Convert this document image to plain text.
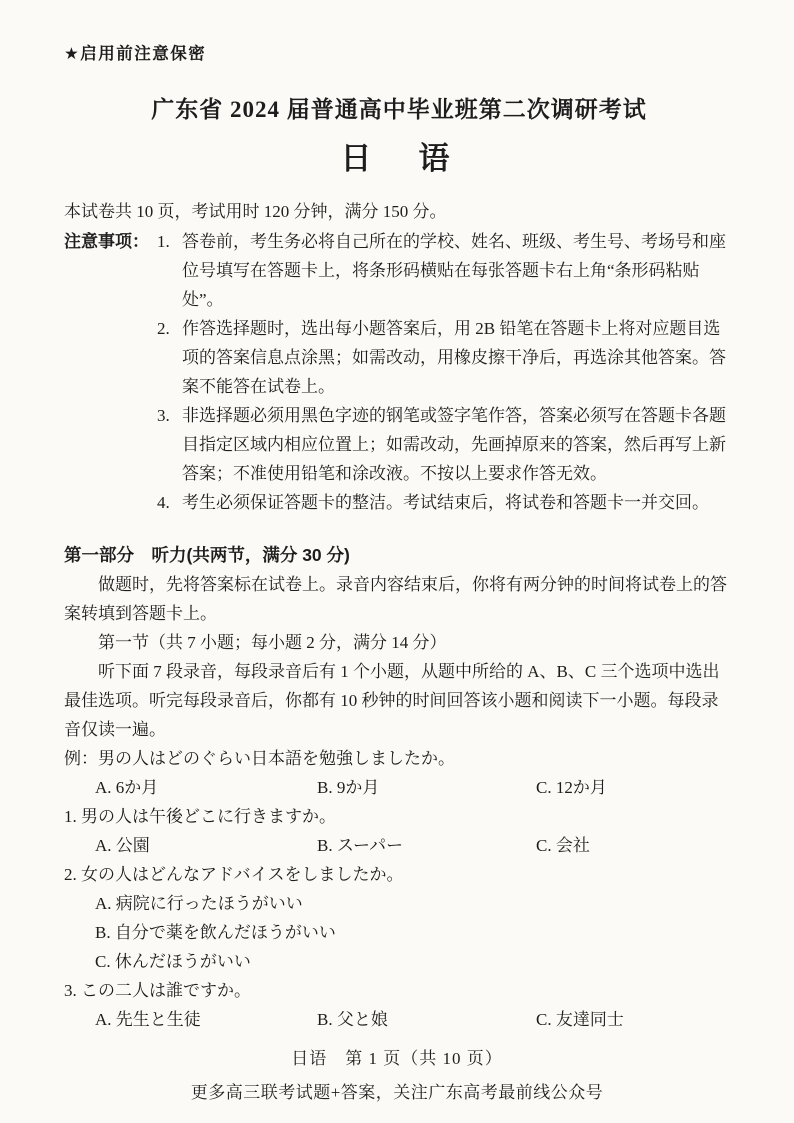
★启用前注意保密
广东省 2024 届普通高中毕业班第二次调研考试
日　语

本试卷共 10 页，考试用时 120 分钟，满分 150 分。

注意事项： 1. 答卷前，考生务必将自己所在的学校、姓名、班级、考生号、考场号和座位号填写在答题卡上，将条形码横贴在每张答题卡右上角“条形码粘贴处”。
2. 作答选择题时，选出每小题答案后，用 2B 铅笔在答题卡上将对应题目选项的答案信息点涂黑；如需改动，用橡皮擦干净后，再选涂其他答案。答案不能答在试卷上。
3. 非选择题必须用黑色字迹的钢笔或签字笔作答，答案必须写在答题卡各题目指定区域内相应位置上；如需改动，先画掉原来的答案，然后再写上新答案；不准使用铅笔和涂改液。不按以上要求作答无效。
4. 考生必须保证答题卡的整洁。考试结束后，将试卷和答题卡一并交回。
第一部分　听力(共两节，满分 30 分)

做题时，先将答案标在试卷上。录音内容结束后，你将有两分钟的时间将试卷上的答案转填到答题卡上。

第一节（共 7 小题；每小题 2 分，满分 14 分）

听下面 7 段录音，每段录音后有 1 个小题，从题中所给的 A、B、C 三个选项中选出最佳选项。听完每段录音后，你都有 10 秒钟的时间回答该小题和阅读下一小题。每段录音仅读一遍。

例：男の人はどのぐらい日本語を勉強しましたか。

A. 6か月	B. 9か月	C. 12か月

1. 男の人は午後どこに行きますか。

A. 公園	B. スーパー	C. 会社

2. 女の人はどんなアドバイスをしましたか。

A. 病院に行ったほうがいい
B. 自分で薬を飲んだほうがいい
C. 休んだほうがいい

3. この二人は誰ですか。

A. 先生と生徒	B. 父と娘	C. 友達同士
日语　第 1 页（共 10 页）
更多高三联考试题+答案，关注广东高考最前线公众号
